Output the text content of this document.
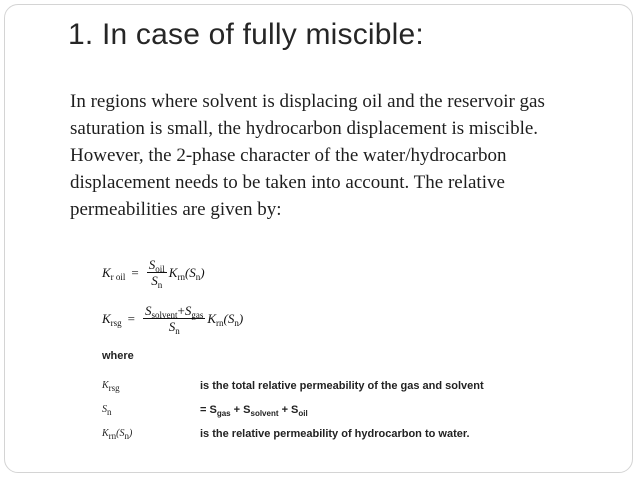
1. In case of fully miscible:

In regions where solvent is displacing oil and the reservoir gas saturation is small, the hydrocarbon displacement is miscible. However, the 2-phase character of the water/hydrocarbon displacement needs to be taken into account. The relative permeabilities are given by:

$K_{r oil} = \frac{S_{oil}}{S_n} K_{rn}(S_n)$
$K_{rsg} = \frac{S_{solvent}+S_{gas}}{S_n} K_{rn}(S_n)$
where
$K_{rsg}$	is the total relative permeability of the gas and solvent
$S_n$	= $S_{gas} + S_{solvent} + S_{oil}$
$K_{rn}(S_n)$	is the relative permeability of hydrocarbon to water.
